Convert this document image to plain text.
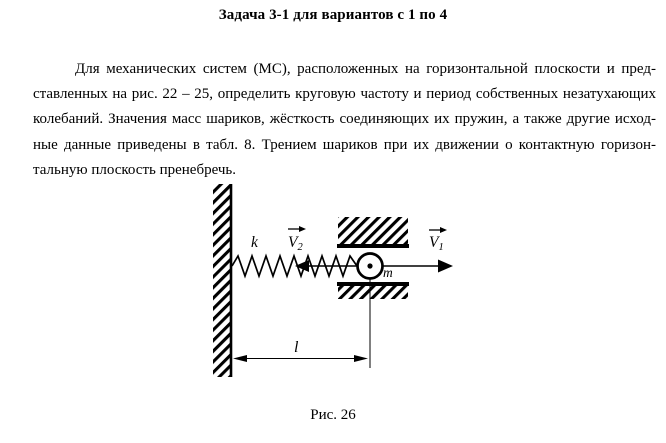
Задача 3-1 для вариантов с 1 по 4
Для механических систем (МС), расположенных на горизонтальной плоскости и пред-
ставленных на рис. 22 – 25, определить круговую частоту и период собственных незатухающих
колебаний. Значения масс шариков, жёсткость соединяющих их пружин, а также другие исход-
ные данные приведены в табл. 8. Трением шариков при их движении о контактную горизон-
тальную плоскость пренебречь.
k V2	V1
m
l
Рис. 26
